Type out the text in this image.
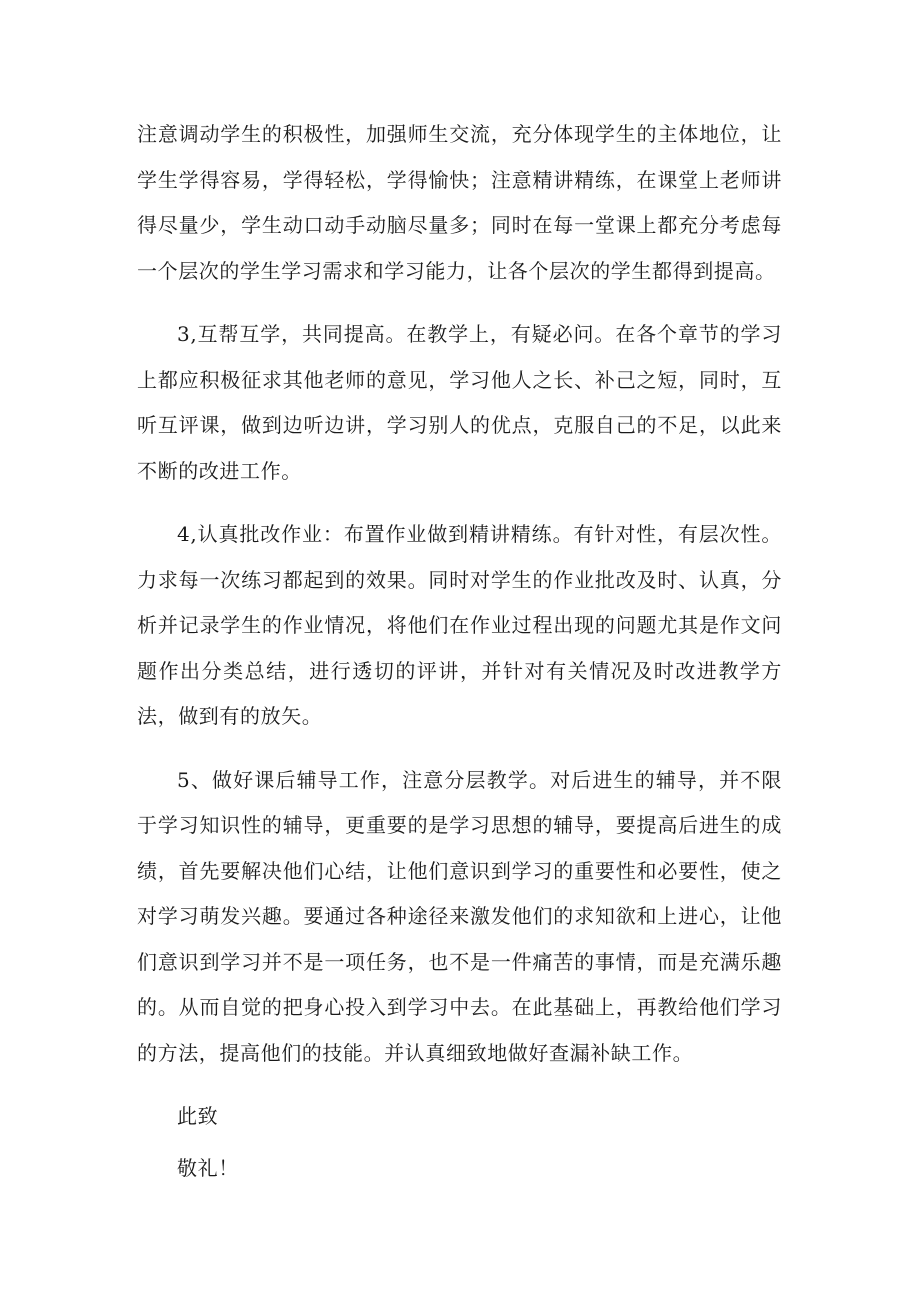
注意调动学生的积极性，加强师生交流，充分体现学生的主体地位，让学生学得容易，学得轻松，学得愉快；注意精讲精练，在课堂上老师讲得尽量少，学生动口动手动脑尽量多；同时在每一堂课上都充分考虑每一个层次的学生学习需求和学习能力，让各个层次的学生都得到提高。

3,互帮互学，共同提高。在教学上，有疑必问。在各个章节的学习上都应积极征求其他老师的意见，学习他人之长、补己之短，同时，互听互评课，做到边听边讲，学习别人的优点，克服自己的不足，以此来不断的改进工作。

4,认真批改作业：布置作业做到精讲精练。有针对性，有层次性。力求每一次练习都起到的效果。同时对学生的作业批改及时、认真，分析并记录学生的作业情况，将他们在作业过程出现的问题尤其是作文问题作出分类总结，进行透切的评讲，并针对有关情况及时改进教学方法，做到有的放矢。

5、做好课后辅导工作，注意分层教学。对后进生的辅导，并不限于学习知识性的辅导，更重要的是学习思想的辅导，要提高后进生的成绩，首先要解决他们心结，让他们意识到学习的重要性和必要性，使之对学习萌发兴趣。要通过各种途径来激发他们的求知欲和上进心，让他们意识到学习并不是一项任务，也不是一件痛苦的事情，而是充满乐趣的。从而自觉的把身心投入到学习中去。在此基础上，再教给他们学习的方法，提高他们的技能。并认真细致地做好查漏补缺工作。

此致

敬礼！
